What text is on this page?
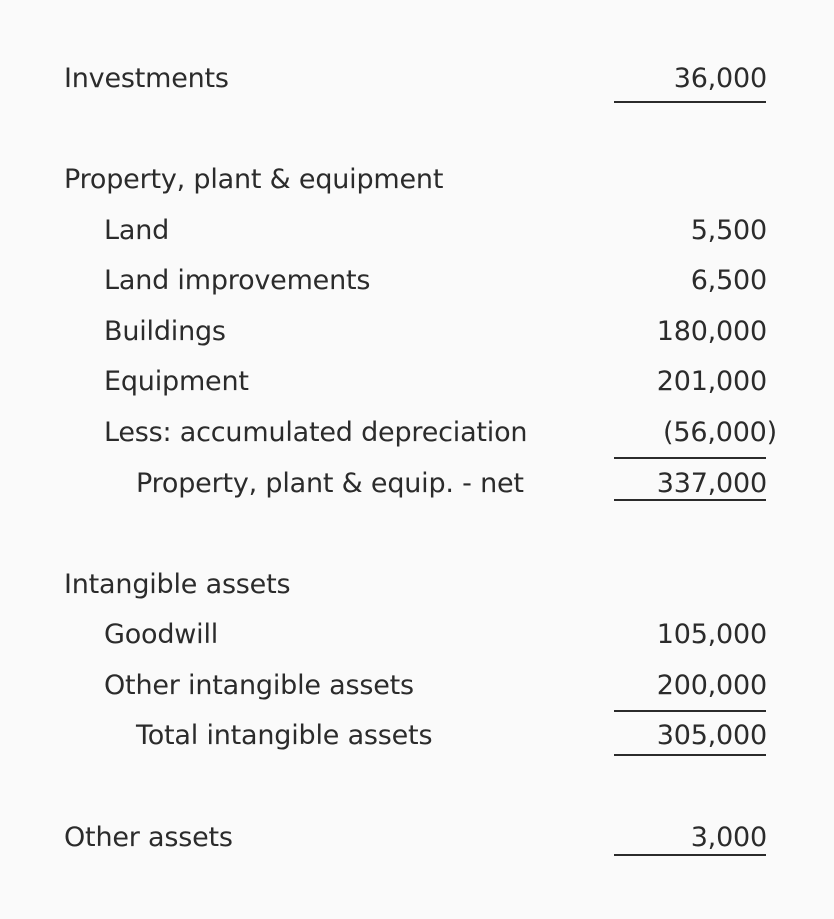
Investments	36,000
Property, plant & equipment
Land	5,500
Land improvements	6,500
Buildings	180,000
Equipment	201,000
Less: accumulated depreciation	(56,000)
Property, plant & equip. - net	337,000
Intangible assets
Goodwill	105,000
Other intangible assets	200,000
Total intangible assets	305,000
Other assets	3,000
